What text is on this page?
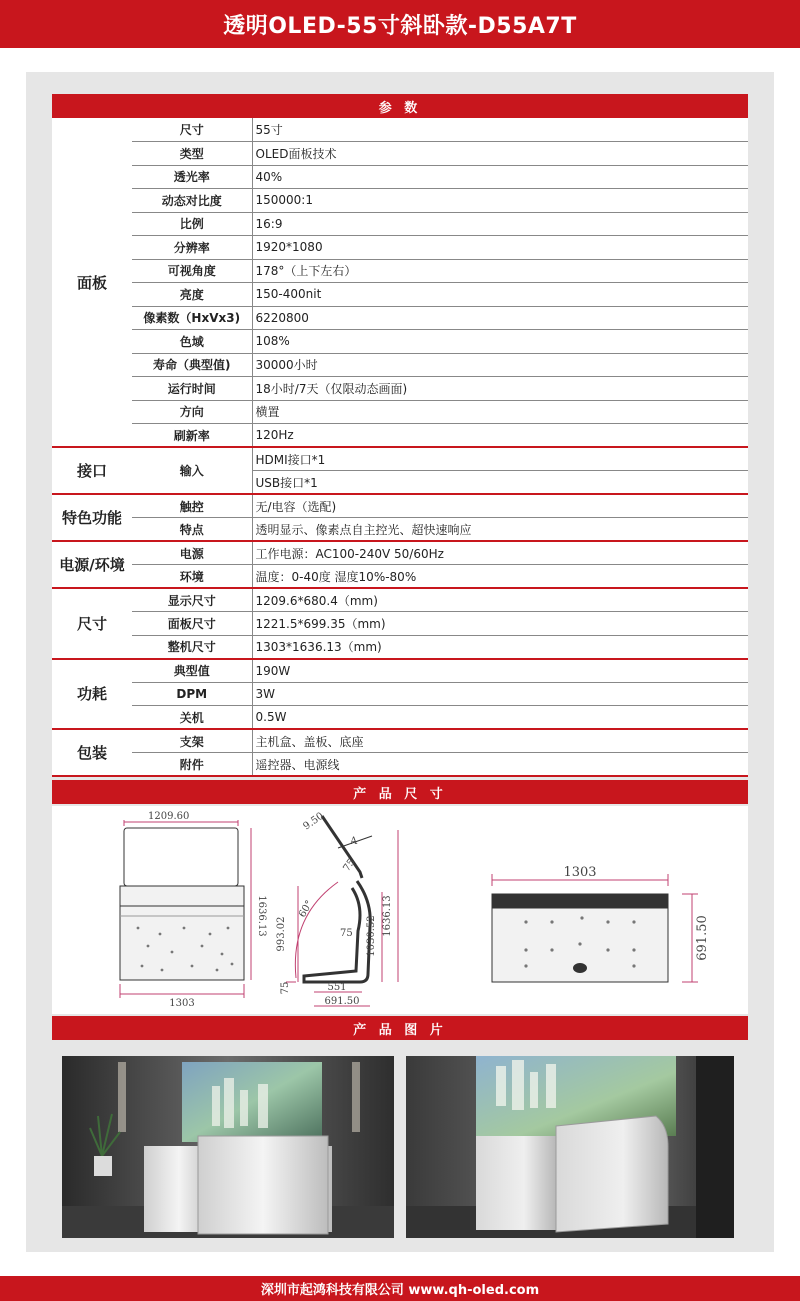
透明OLED-55寸斜卧款-D55A7T
参 数
面板	尺寸	55寸
	类型	OLED面板技术
	透光率	40%
	动态对比度	150000:1
	比例	16:9
	分辨率	1920*1080
	可视角度	178°（上下左右）
	亮度	150-400nit
	像素数（HxVx3)	6220800
	色域	108%
	寿命（典型值)	30000小时
	运行时间	18小时/7天（仅限动态画面)
	方向	横置
	刷新率	120Hz
接口	输入	HDMI接口*1
		USB接口*1
特色功能	触控	无/电容（选配)
	特点	透明显示、像素点自主控光、超快速响应
电源/环境	电源	工作电源：AC100-240V 50/60Hz
	环境	温度：0-40度 湿度10%-80%
尺寸	显示尺寸	1209.6*680.4（mm)
	面板尺寸	1221.5*699.35（mm)
	整机尺寸	1303*1636.13（mm)
功耗	典型值	190W
	DPM	3W
	关机	0.5W
包装	支架	主机盒、盖板、底座
	附件	遥控器、电源线
产 品 尺 寸
1209.60
1636.13
1303
9.50
A
75
60°
993.02	1030.52 1636.13
75
75	551
691.50
1303
691.50
产 品 图 片
深圳市起鸿科技有限公司 www.qh-oled.com
